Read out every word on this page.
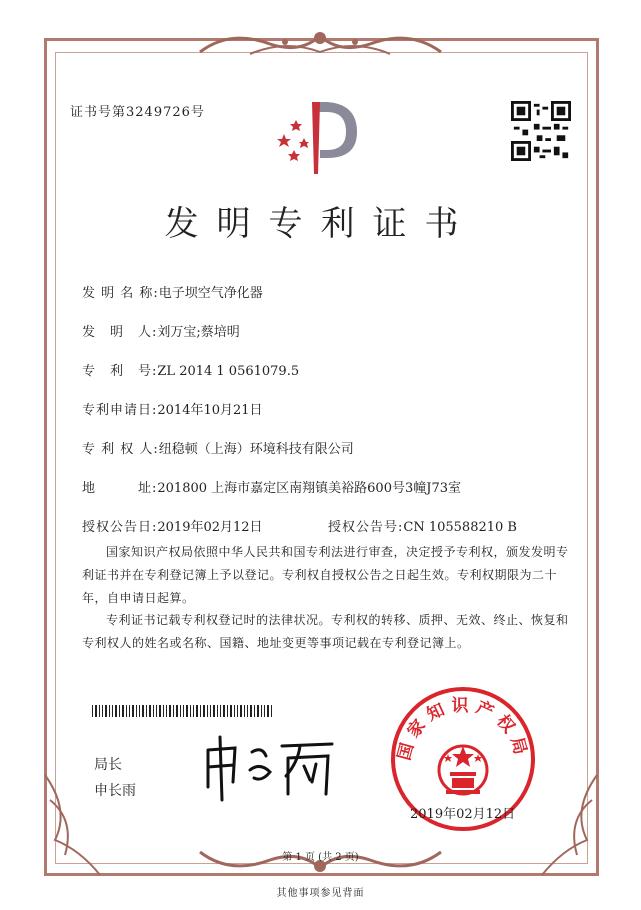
证书号第3249726号
发明专利证书
发 明 名 称:电子坝空气净化器
发　明　人:刘万宝;蔡培明
专　利　号:ZL 2014 1 0561079.5
专利申请日:2014年10月21日
专 利 权 人:纽稳顿（上海）环境科技有限公司
地　　　址:201800 上海市嘉定区南翔镇美裕路600号3幢J73室
授权公告日:2019年02月12日	授权公告号:CN 105588210 B
国家知识产权局依照中华人民共和国专利法进行审查，决定授予专利权，颁发发明专利证书并在专利登记簿上予以登记。专利权自授权公告之日起生效。专利权期限为二十年，自申请日起算。
专利证书记载专利权登记时的法律状况。专利权的转移、质押、无效、终止、恢复和专利权人的姓名或名称、国籍、地址变更等事项记载在专利登记簿上。
局长
申长雨
国家知识产权局
2019年02月12日
第 1 页 (共 2 页)
其他事项参见背面
